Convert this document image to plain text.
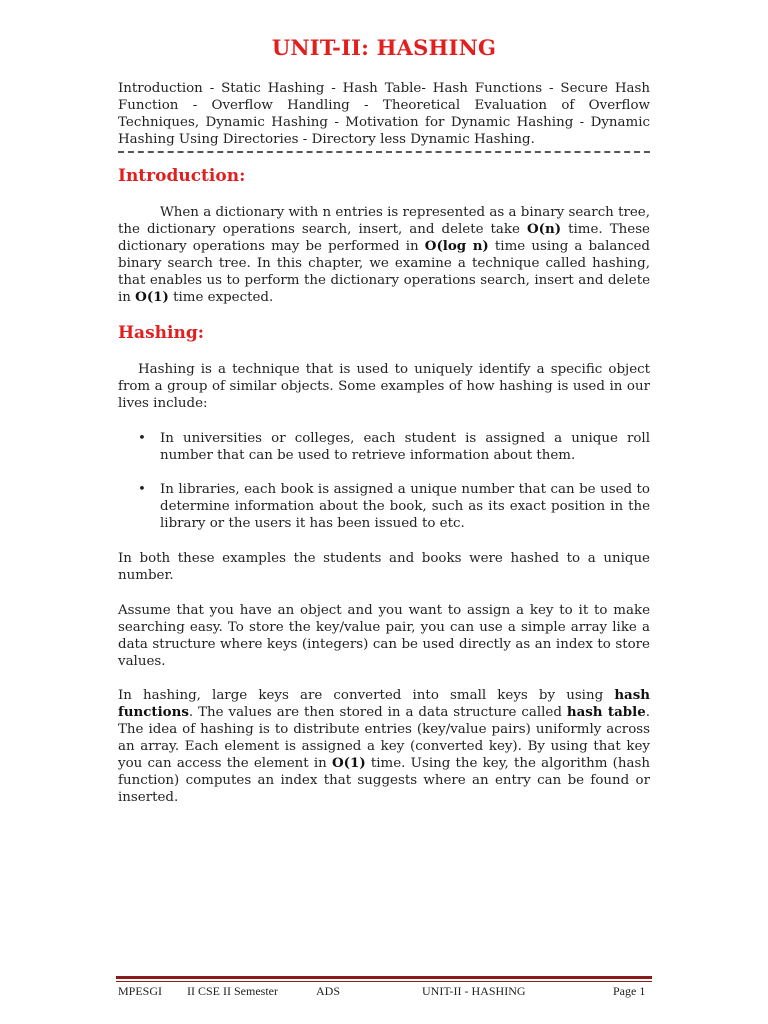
UNIT-II: HASHING
Introduction - Static Hashing - Hash Table- Hash Functions - Secure Hash Function - Overflow Handling - Theoretical Evaluation of Overflow Techniques, Dynamic Hashing - Motivation for Dynamic Hashing - Dynamic Hashing Using Directories - Directory less Dynamic Hashing.
Introduction:
When a dictionary with n entries is represented as a binary search tree, the dictionary operations search, insert, and delete take O(n) time. These dictionary operations may be performed in O(log n) time using a balanced binary search tree. In this chapter, we examine a technique called hashing, that enables us to perform the dictionary operations search, insert and delete in O(1) time expected.
Hashing:
Hashing is a technique that is used to uniquely identify a specific object from a group of similar objects. Some examples of how hashing is used in our lives include:
•	In universities or colleges, each student is assigned a unique roll number that can be used to retrieve information about them.
•	In libraries, each book is assigned a unique number that can be used to determine information about the book, such as its exact position in the library or the users it has been issued to etc.
In both these examples the students and books were hashed to a unique number.
Assume that you have an object and you want to assign a key to it to make searching easy. To store the key/value pair, you can use a simple array like a data structure where keys (integers) can be used directly as an index to store values.
In hashing, large keys are converted into small keys by using hash functions. The values are then stored in a data structure called hash table. The idea of hashing is to distribute entries (key/value pairs) uniformly across an array. Each element is assigned a key (converted key). By using that key you can access the element in O(1) time. Using the key, the algorithm (hash function) computes an index that suggests where an entry can be found or inserted.
MPESGI II CSE II Semester	ADS	UNIT-II - HASHING	Page 1
